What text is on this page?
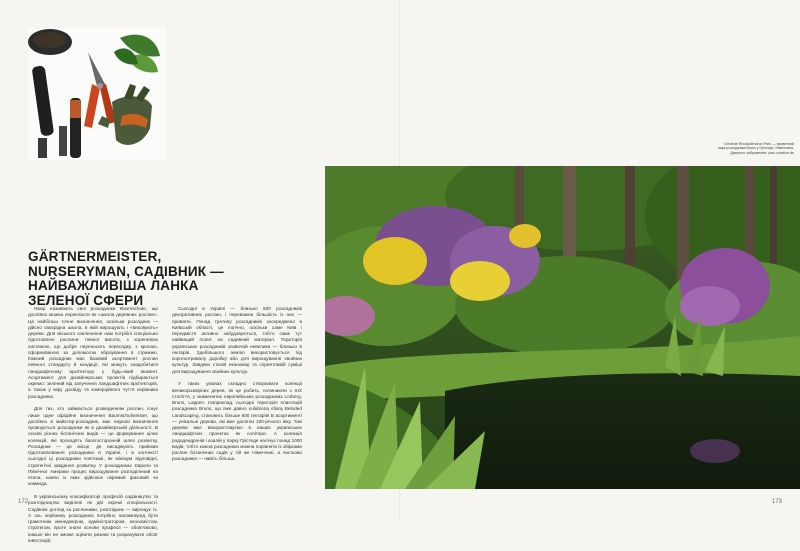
GÄRTNERMEISTER,
NURSERYMAN, САДІВНИК —
НАЙВАЖЛИВІША ЛАНКА
ЗЕЛЕНОЇ СФЕРИ

Німці називають свої розсадники Baumschule, що дослівно можна перекласти як «школа деревних рослин». Це найбільш точне визначення, оскільки розсадник — дійсно своєрідна школа, в якій вирощують і «виховують» дерева. Для міського озеленення нам потрібні спеціально підготовлені рослини: певної висоти, з кореневою системою, що добре переносить пересадку, з кроною, сформованою за допомогою обрізування в стрижню. Кожний розсадник має базовий асортимент рослин певного стандарту й кондиції, які можуть знадобитися ландшафтному архітектору у будь-який момент. Асортимент для дизайнерських проектів підбирається окремо: зелений від залучення ландшафтних архітекторів, а також у міру досвіду та комерційного чуття керівника розсадника.

Для тих, хто займається розведенням рослин, існує лише одне офіційне визначення Baumschulmeister, що дослівно в майстер-розсадник, має наукові визначення проводяться розсадники як в дизайнерській діяльності. В основі різних ботанічних видів — це формування цілих колекцій, які проходять багатосторонній шлях розвитку. Розсадник — це місце, де висаджують прийоми підготовлювання розсадника в Україні, і в контексті сьогодні ці розсадники пов'язані, як мінімум відповідні, стратегічні завдання розвитку. У розсадниках Європи та Північної Америки процес вирощування розподілений на етапи, кожен із яких здійснює окремий фаховий чи команда.

В українському класифікаторі професій садівництво та розплідництво виділені як дві окремі спеціальності. Садівник догляд за рослинами, розплідник — вирощує їх. А ось керівнику розсадника потрібно насамперед бути грамотним менеджером, адміністратором, економістом, стратегом, проте знати основи професії — обов'язково, інакше він не зможе оцінити ризики та розрахувати обсяг інвестицій.

Сьогодні в Україні — близько 600 розсадників декоративних рослин, і переважна більшість із них — приватні. Понад третину розсадників зосереджено в Київській області, це логічно, оскільки саме Київ і передмістя активно забудовуються, тобто саме тут найвищий попит на садивний матеріал. Територія українських розсадників зазвичай невелика — близько 5 гектарів. Здебільшого землю використовується під короткотривалу доробку або для вирощування хвойних культур. Завдяки сталій економіці та сприятливій суміші для вирощування хвойних культур.

У таких умовах складно створювати колекції великорозмірних дерев, як це робить, починаючи з XIX століття, у знаменитих європейських розсадниках Lorberg, Bruns, Lappen. Наприклад, сьогодні територія плантацій розсадника Bruns, що вже давно єulubioną ofiarą Beloded Landscaping, становить більше 600 гектарів! В асортименті — унікальні дерева, які вже досягли 100-річного віку. Такі дерева вже використовуємо в наших українських ландшафтних проектах як солітери. А колекція рододендронів і азалій у парку Грістеде налічує понад 1000 видів, тобто кожна розсадника можна порівняти із збірками рослин ботанічних садів у тій же Німеччині, а частково розсадника — навіть більша.

172
Gristede Rhododendron Park — приватний
парк розсадника Bruns у Грістеде, Німеччина.
Джерело зображення: parc-creative.de
173
